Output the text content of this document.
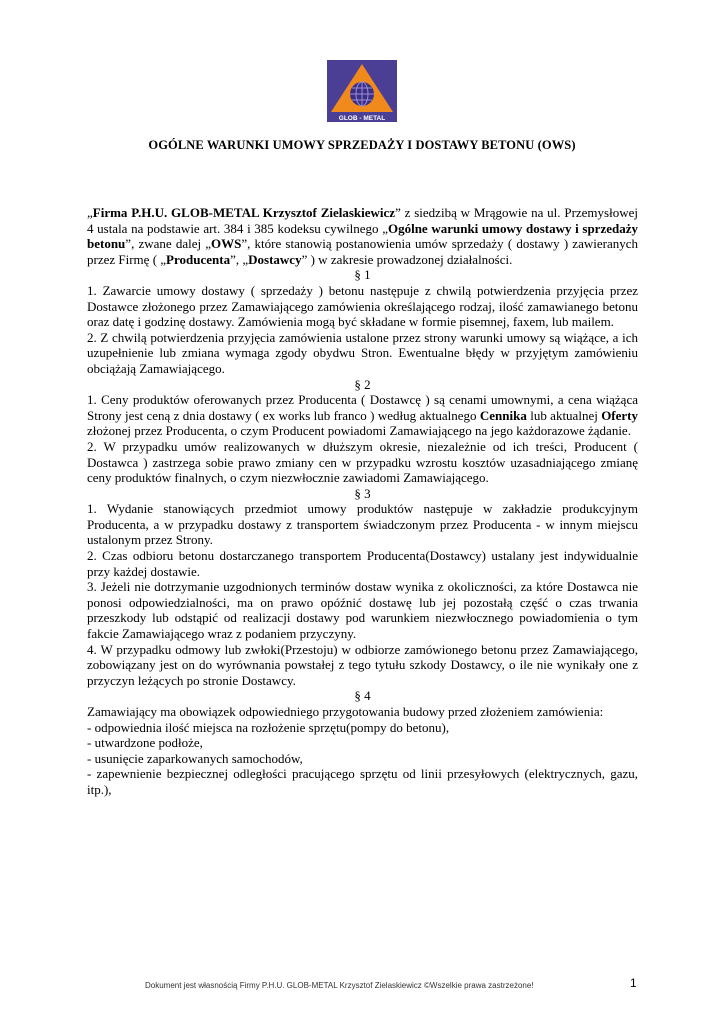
GLOB - METAL
OGÓLNE WARUNKI UMOWY SPRZEDAŻY I DOSTAWY BETONU (OWS)

„Firma P.H.U. GLOB-METAL Krzysztof Zielaskiewicz” z siedzibą w Mrągowie na ul. Przemysłowej 4 ustala na podstawie art. 384 i 385 kodeksu cywilnego „Ogólne warunki umowy dostawy i sprzedaży betonu”, zwane dalej „OWS”, które stanowią postanowienia umów sprzedaży ( dostawy ) zawieranych przez Firmę ( „Producenta”, „Dostawcy” ) w zakresie prowadzonej działalności.

§ 1

1. Zawarcie umowy dostawy ( sprzedaży ) betonu następuje z chwilą potwierdzenia przyjęcia przez Dostawce złożonego przez Zamawiającego zamówienia określającego rodzaj, ilość zamawianego betonu oraz datę i godzinę dostawy. Zamówienia mogą być składane w formie pisemnej, faxem, lub mailem.

2. Z chwilą potwierdzenia przyjęcia zamówienia ustalone przez strony warunki umowy są wiążące, a ich uzupełnienie lub zmiana wymaga zgody obydwu Stron. Ewentualne błędy w przyjętym zamówieniu obciążają Zamawiającego.

§ 2

1. Ceny produktów oferowanych przez Producenta ( Dostawcę ) są cenami umownymi, a cena wiążąca Strony jest ceną z dnia dostawy ( ex works lub franco ) według aktualnego Cennika lub aktualnej Oferty złożonej przez Producenta, o czym Producent powiadomi Zamawiającego na jego każdorazowe żądanie.

2. W przypadku umów realizowanych w dłuższym okresie, niezależnie od ich treści, Producent ( Dostawca ) zastrzega sobie prawo zmiany cen w przypadku wzrostu kosztów uzasadniającego zmianę ceny produktów finalnych, o czym niezwłocznie zawiadomi Zamawiającego.

§ 3

1. Wydanie stanowiących przedmiot umowy produktów następuje w zakładzie produkcyjnym Producenta, a w przypadku dostawy z transportem świadczonym przez Producenta - w innym miejscu ustalonym przez Strony.

2. Czas odbioru betonu dostarczanego transportem Producenta(Dostawcy) ustalany jest indywidualnie przy każdej dostawie.

3. Jeżeli nie dotrzymanie uzgodnionych terminów dostaw wynika z okoliczności, za które Dostawca nie ponosi odpowiedzialności, ma on prawo opóźnić dostawę lub jej pozostałą część o czas trwania przeszkody lub odstąpić od realizacji dostawy pod warunkiem niezwłocznego powiadomienia o tym fakcie Zamawiającego wraz z podaniem przyczyny.

4. W przypadku odmowy lub zwłoki(Przestoju) w odbiorze zamówionego betonu przez Zamawiającego, zobowiązany jest on do wyrównania powstałej z tego tytułu szkody Dostawcy, o ile nie wynikały one z przyczyn leżących po stronie Dostawcy.

§ 4

Zamawiający ma obowiązek odpowiedniego przygotowania budowy przed złożeniem zamówienia:

- odpowiednia ilość miejsca na rozłożenie sprzętu(pompy do betonu),

- utwardzone podłoże,

- usunięcie zaparkowanych samochodów,

- zapewnienie bezpiecznej odległości pracującego sprzętu od linii przesyłowych (elektrycznych, gazu, itp.),

Dokument jest własnością Firmy P.H.U. GLOB-METAL Krzysztof Zielaskiewicz ©Wszelkie prawa zastrzeżone!	1
